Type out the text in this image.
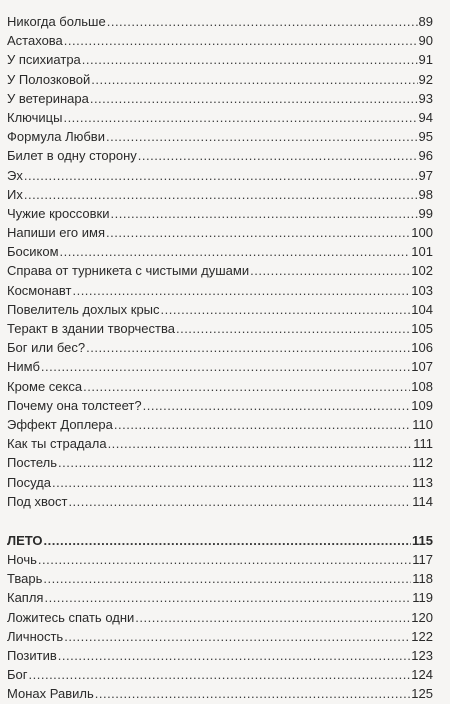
Никогда больше .....	89
Астахова .....	90
У психиатра .....	91
У Полозковой .....	92
У ветеринара .....	93
Ключицы .....	94
Формула Любви .....	95
Билет в одну сторону .....	96
Эх .....	97
Их .....	98
Чужие кроссовки .....	99
Напиши его имя .....	100
Босиком .....	101
Справа от турникета с чистыми душами .....	102
Космонавт .....	103
Повелитель дохлых крыс .....	104
Теракт в здании творчества .....	105
Бог или бес? .....	106
Нимб .....	107
Кроме секса .....	108
Почему она толстеет? .....	109
Эффект Доплера .....	110
Как ты страдала .....	111
Постель .....	112
Посуда .....	113
Под хвост .....	114
ЛЕТО .....	115
Ночь .....	117
Тварь .....	118
Капля .....	119
Ложитесь спать одни .....	120
Личность .....	122
Позитив .....	123
Бог .....	124
Монах Равиль .....	125
